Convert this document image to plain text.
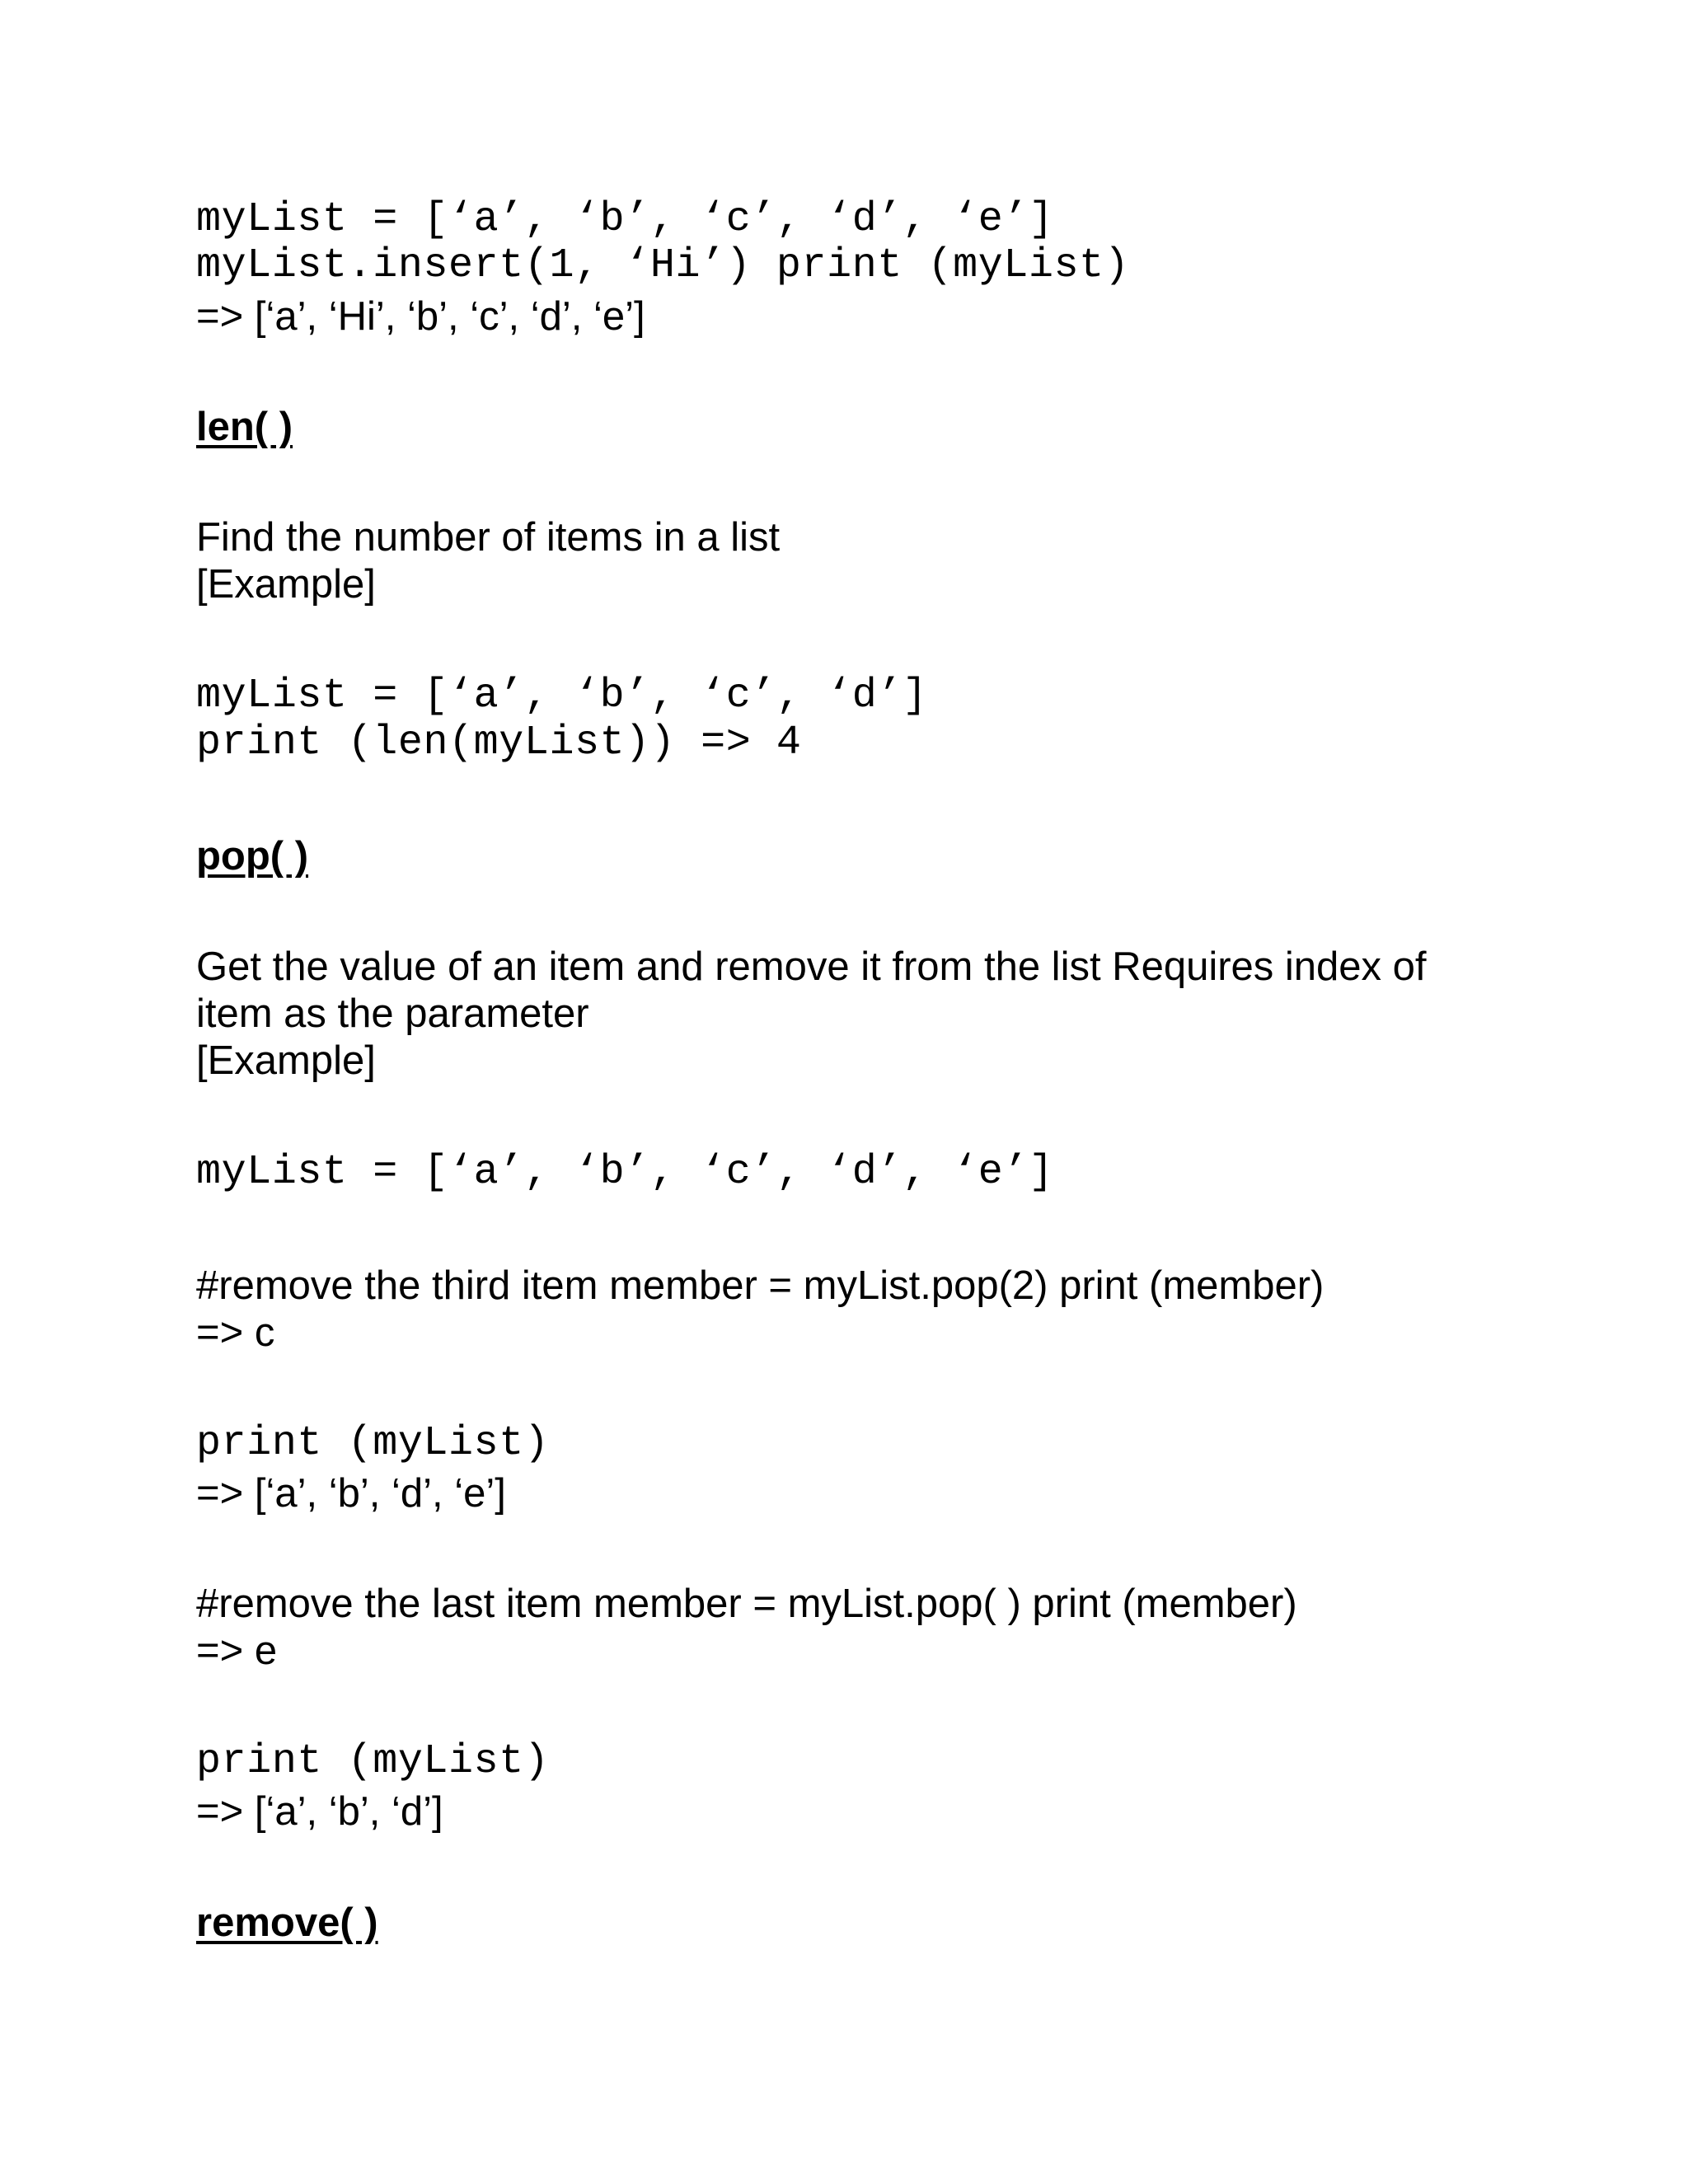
myList = [‘a’, ‘b’, ‘c’, ‘d’, ‘e’]
myList.insert(1, ‘Hi’) print (myList)
=> [‘a’, ‘Hi’, ‘b’, ‘c’, ‘d’, ‘e’]
len( )
Find the number of items in a list
[Example]
myList = [‘a’, ‘b’, ‘c’, ‘d’]
print (len(myList)) => 4
pop( )
Get the value of an item and remove it from the list Requires index of
item as the parameter
[Example]
myList = [‘a’, ‘b’, ‘c’, ‘d’, ‘e’]
#remove the third item member = myList.pop(2) print (member)
=> c
print (myList)
=> [‘a’, ‘b’, ‘d’, ‘e’]
#remove the last item member = myList.pop( ) print (member)
=> e
print (myList)
=> [‘a’, ‘b’, ‘d’]
remove( )
